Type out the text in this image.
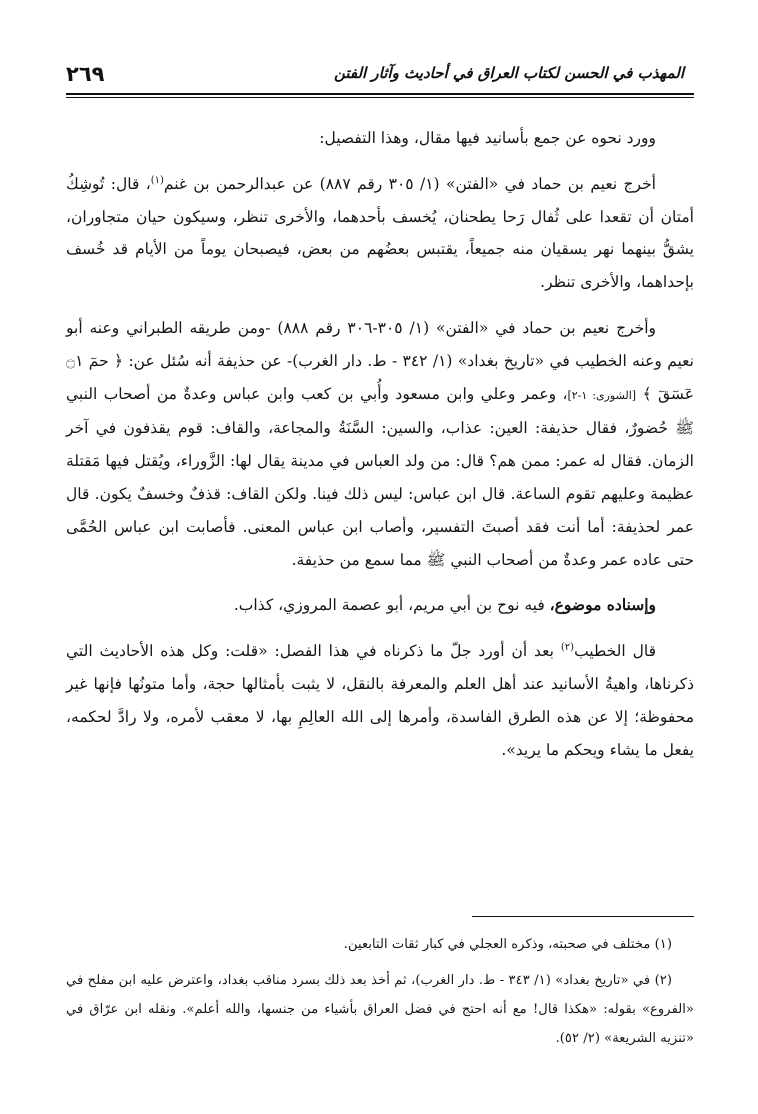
٢٦٩	المهذب في الحسن لكتاب العراق في أحاديث وآثار الفتن

وورد نحوه عن جمع بأسانيد فيها مقال، وهذا التفصيل:

أخرج نعيم بن حماد في «الفتن» (١/ ٣٠٥ رقم ٨٨٧) عن عبدالرحمن بن غنم$^{(١)}$، قال: تُوشِكُ أمتان أن تقعدا على ثُفال رَحا يطحنان، يُخسف بأحدهما، والأخرى تنظر، وسيكون حيان متجاوران، يشقُّ بينهما نهر يسقيان منه جميعاً، يقتبس بعضُهم من بعض، فيصبحان يوماً من الأيام قد خُسف بإحداهما، والأخرى تنظر.

وأخرج نعيم بن حماد في «الفتن» (١/ ٣٠٥-٣٠٦ رقم ٨٨٨) -ومن طريقه الطبراني وعنه أبو نعيم وعنه الخطيب في «تاريخ بغداد» (١/ ٣٤٢ - ط. دار الغرب)- عن حذيفة أنه سُئل عن: ﴿ حمٓ ۝١ عٓسٓقٓ ﴾ [الشورى: ١-٢]، وعمر وعلي وابن مسعود وأُبي بن كعب وابن عباس وعدةٌ من أصحاب النبي ﷺ حُضورٌ، فقال حذيفة: العين: عذاب، والسين: السَّنَةُ والمجاعة، والقاف: قوم يقذفون في آخر الزمان. فقال له عمر: ممن هم؟ قال: من ولد العباس في مدينة يقال لها: الزَّوراء، ويُقتل فيها مَقتلة عظيمة وعليهم تقوم الساعة. قال ابن عباس: ليس ذلك فينا. ولكن القاف: قذفٌ وخسفٌ يكون. قال عمر لحذيفة: أما أنت فقد أصبتَ التفسير، وأصاب ابن عباس المعنى. فأصابت ابن عباس الحُمَّى حتى عاده عمر وعدةٌ من أصحاب النبي ﷺ مما سمع من حذيفة.

وإسناده موضوع، فيه نوح بن أبي مريم، أبو عصمة المروزي، كذاب.

قال الخطيب$^{(٢)}$ بعد أن أورد جلّ ما ذكرناه في هذا الفصل: «قلت: وكل هذه الأحاديث التي ذكرناها، واهيةُ الأسانيد عند أهل العلم والمعرفة بالنقل، لا يثبت بأمثالها حجة، وأما متونُها فإنها غير محفوظة؛ إلا عن هذه الطرق الفاسدة، وأمرها إلى الله العالِمِ بها، لا معقب لأمره، ولا رادَّ لحكمه، يفعل ما يشاء ويحكم ما يريد».

(١) مختلف في صحبته، وذكره العجلي في كبار ثقات التابعين.

(٢) في «تاريخ بغداد» (١/ ٣٤٣ - ط. دار الغرب)، ثم أخذ بعد ذلك بسرد مناقب بغداد، واعترض عليه ابن مفلح في «الفروع» بقوله: «هكذا قال! مع أنه احتج في فضل العراق بأشياء من جنسها، والله أعلم». ونقله ابن عرّاق في «تنزيه الشريعة» (٢/ ٥٢).
